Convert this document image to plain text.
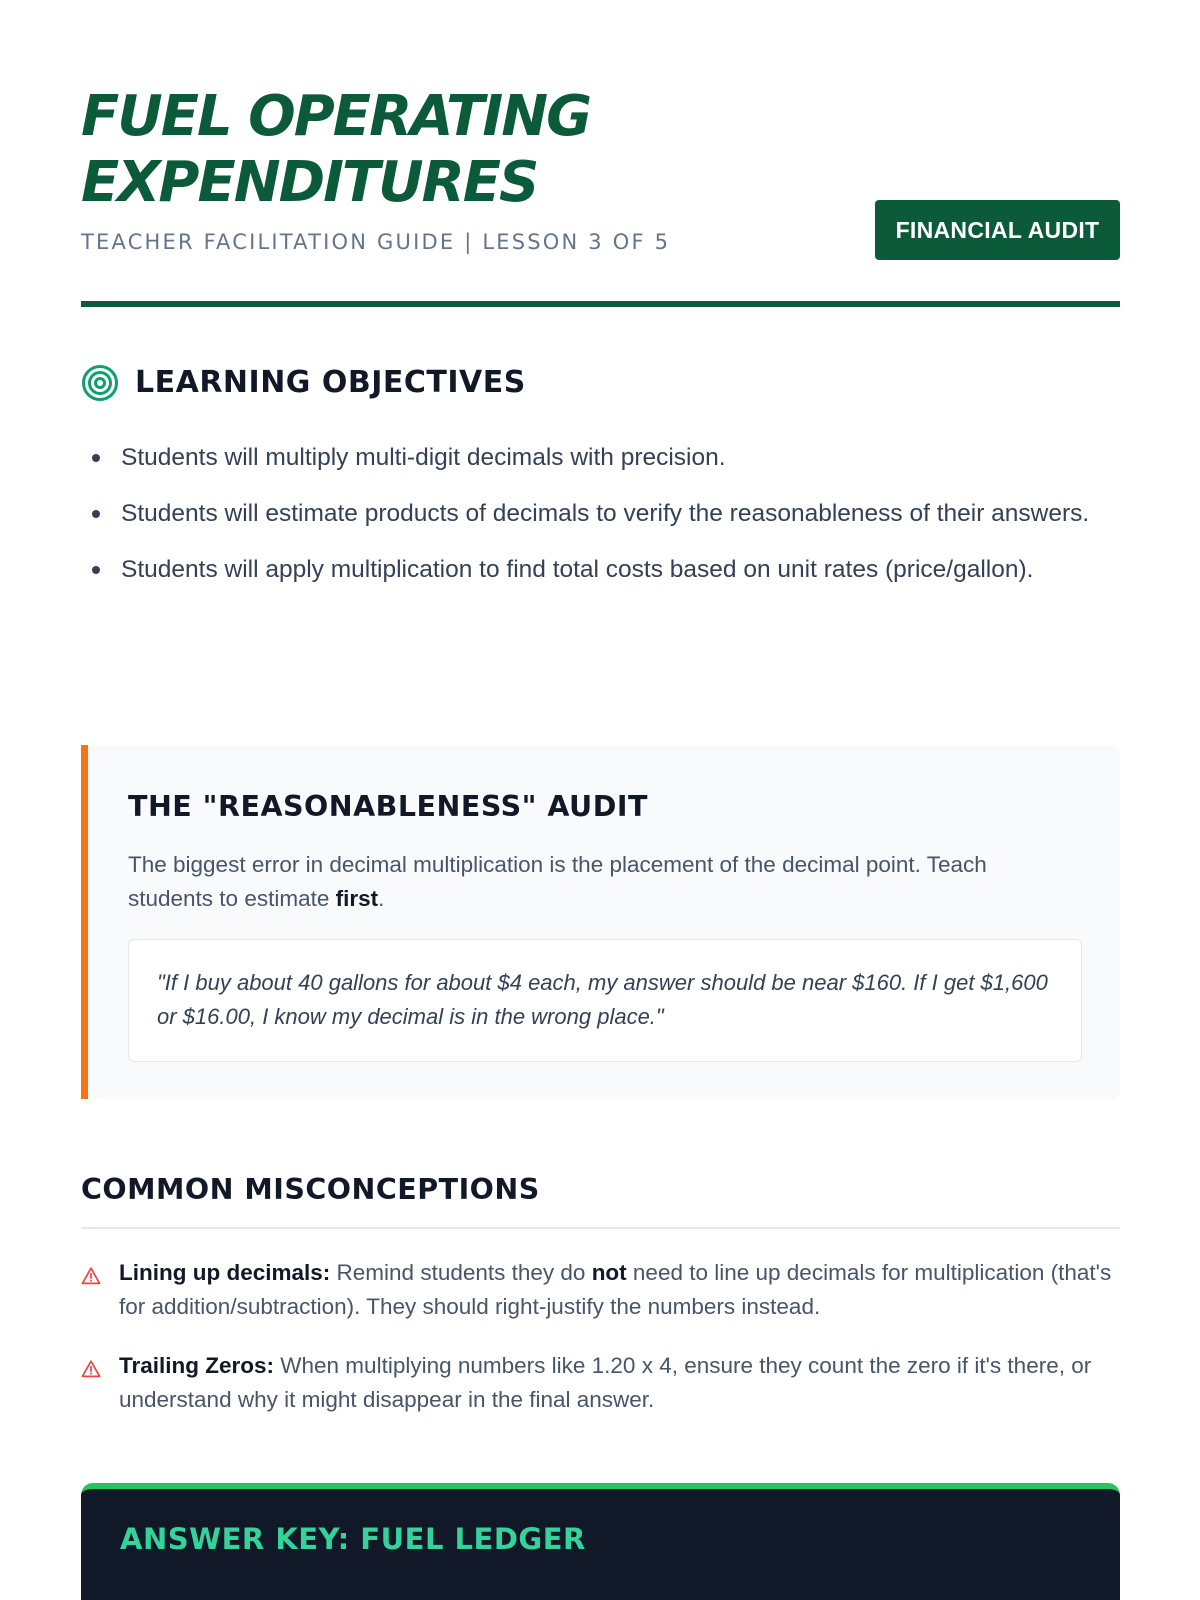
FUEL OPERATING EXPENDITURES
TEACHER FACILITATION GUIDE | LESSON 3 OF 5	FINANCIAL AUDIT
LEARNING OBJECTIVES
Students will multiply multi-digit decimals with precision.
Students will estimate products of decimals to verify the reasonableness of their answers.
Students will apply multiplication to find total costs based on unit rates (price/gallon).
THE "REASONABLENESS" AUDIT

The biggest error in decimal multiplication is the placement of the decimal point. Teach students to estimate first.

"If I buy about 40 gallons for about $4 each, my answer should be near $160. If I get $1,600 or $16.00, I know my decimal is in the wrong place."

COMMON MISCONCEPTIONS

Lining up decimals: Remind students they do not need to line up decimals for multiplication (that's for addition/subtraction). They should right-justify the numbers instead.

Trailing Zeros: When multiplying numbers like 1.20 x 4, ensure they count the zero if it's there, or understand why it might disappear in the final answer.

ANSWER KEY: FUEL LEDGER
